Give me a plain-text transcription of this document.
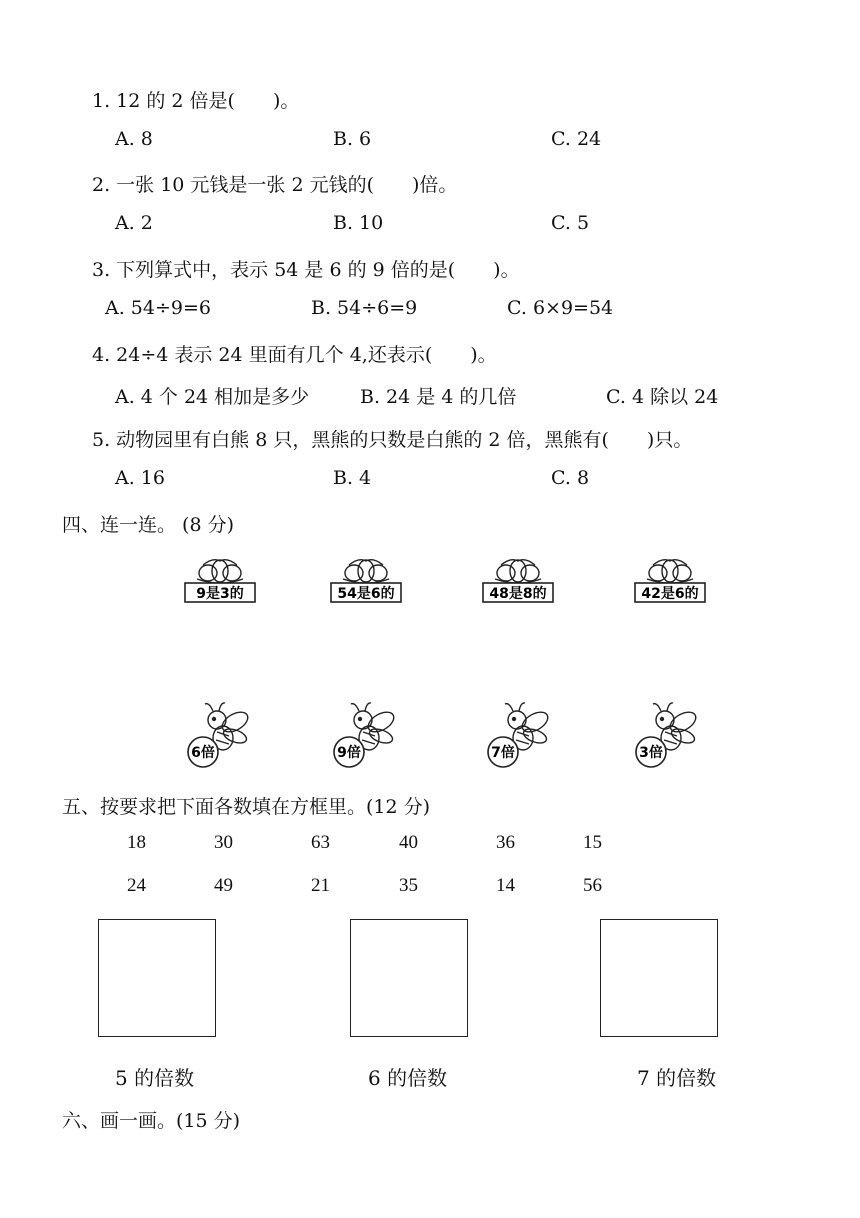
1. 12 的 2 倍是(　　)。
A. 8	B. 6	C. 24
2. 一张 10 元钱是一张 2 元钱的(　　)倍。
A. 2	B. 10	C. 5
3. 下列算式中，表示 54 是 6 的 9 倍的是(　　)。
A. 54÷9=6	B. 54÷6=9	C. 6×9=54
4. 24÷4 表示 24 里面有几个 4,还表示(　　)。
A. 4 个 24 相加是多少	B. 24 是 4 的几倍	C. 4 除以 24
5. 动物园里有白熊 8 只，黑熊的只数是白熊的 2 倍，黑熊有(　　)只。
A. 16	B. 4	C. 8
四、连一连。 (8 分)
9是3的	54是6的	48是8的	42是6的
6倍	9倍	7倍	3倍
五、按要求把下面各数填在方框里。(12 分)
18	30	63	40	36	15
24	49	21	35	14	56
5 的倍数	6 的倍数	7 的倍数
六、画一画。(15 分)
